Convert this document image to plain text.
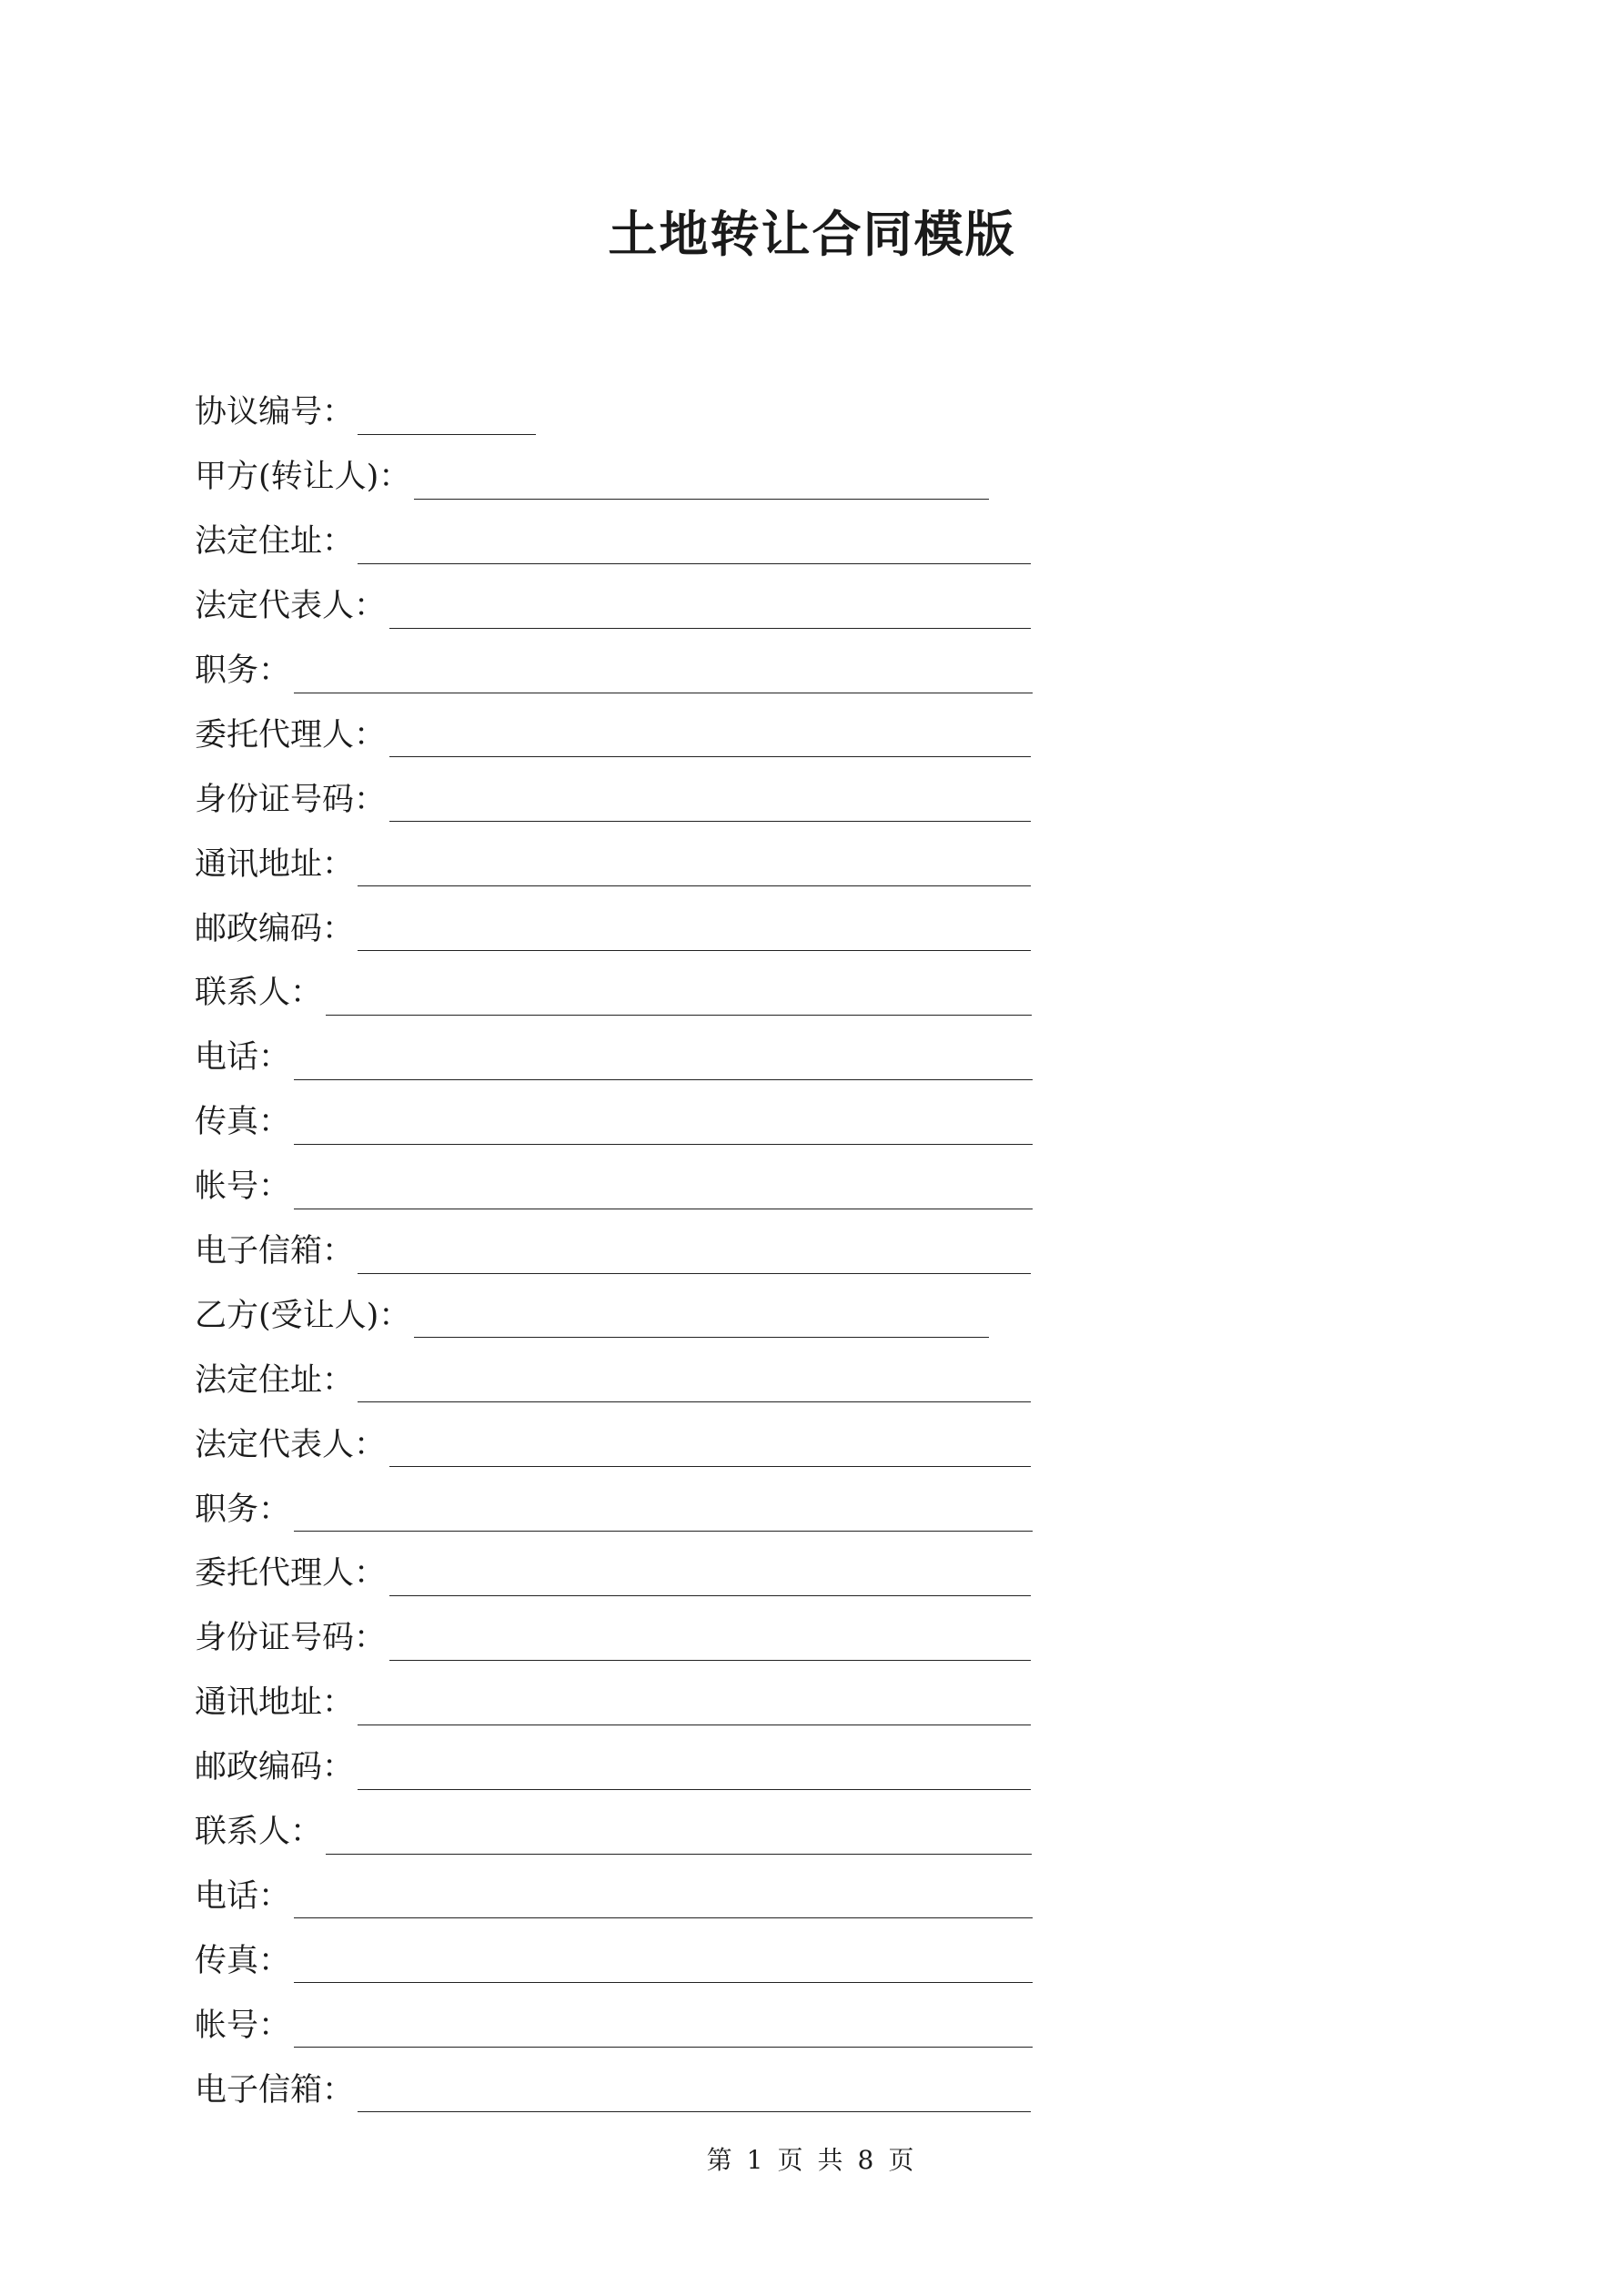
土地转让合同模版
协议编号：
甲方(转让人)：
法定住址：
法定代表人：
职务：
委托代理人：
身份证号码：
通讯地址：
邮政编码：
联系人：
电话：
传真：
帐号：
电子信箱：
乙方(受让人)：
法定住址：
法定代表人：
职务：
委托代理人：
身份证号码：
通讯地址：
邮政编码：
联系人：
电话：
传真：
帐号：
电子信箱：
第 1 页 共 8 页
